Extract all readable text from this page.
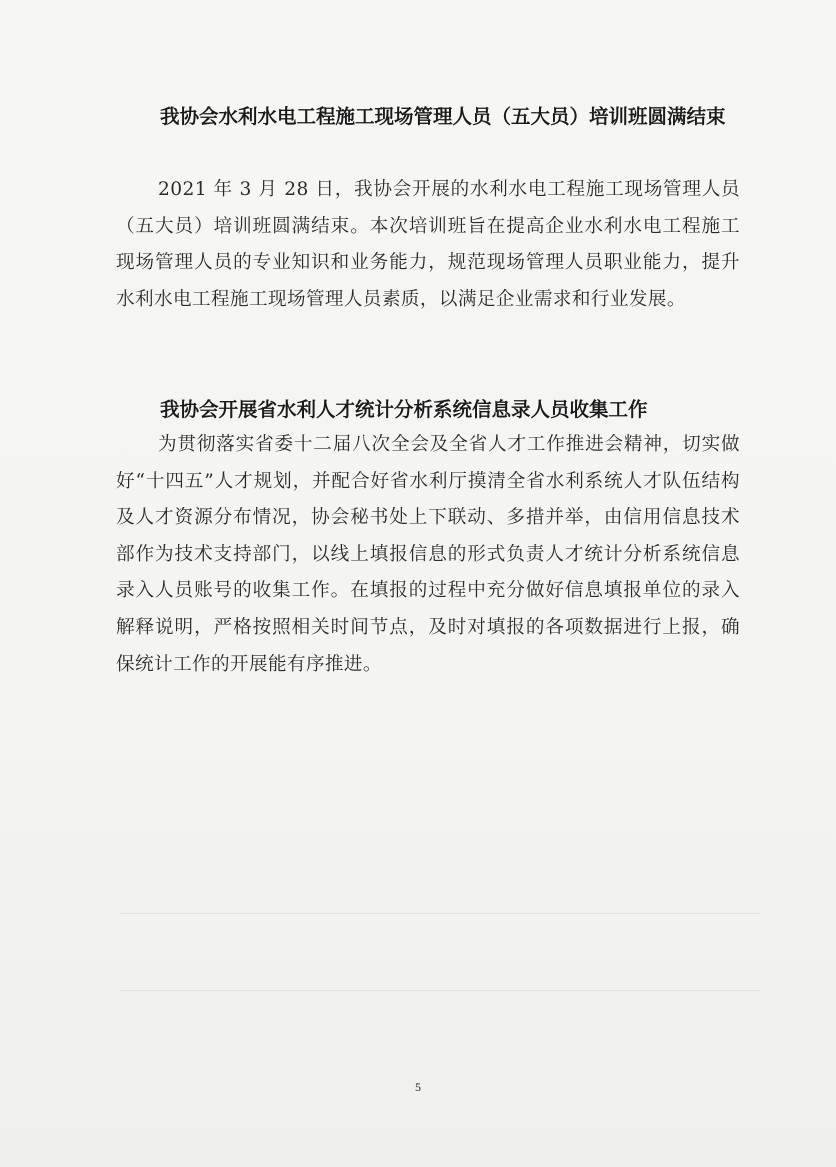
我协会水利水电工程施工现场管理人员（五大员）培训班圆满结束

2021 年 3 月 28 日，我协会开展的水利水电工程施工现场管理人员（五大员）培训班圆满结束。本次培训班旨在提高企业水利水电工程施工现场管理人员的专业知识和业务能力，规范现场管理人员职业能力，提升水利水电工程施工现场管理人员素质，以满足企业需求和行业发展。

我协会开展省水利人才统计分析系统信息录人员收集工作

为贯彻落实省委十二届八次全会及全省人才工作推进会精神，切实做好“十四五”人才规划，并配合好省水利厅摸清全省水利系统人才队伍结构及人才资源分布情况，协会秘书处上下联动、多措并举，由信用信息技术部作为技术支持部门，以线上填报信息的形式负责人才统计分析系统信息录入人员账号的收集工作。在填报的过程中充分做好信息填报单位的录入解释说明，严格按照相关时间节点，及时对填报的各项数据进行上报，确保统计工作的开展能有序推进。

5
